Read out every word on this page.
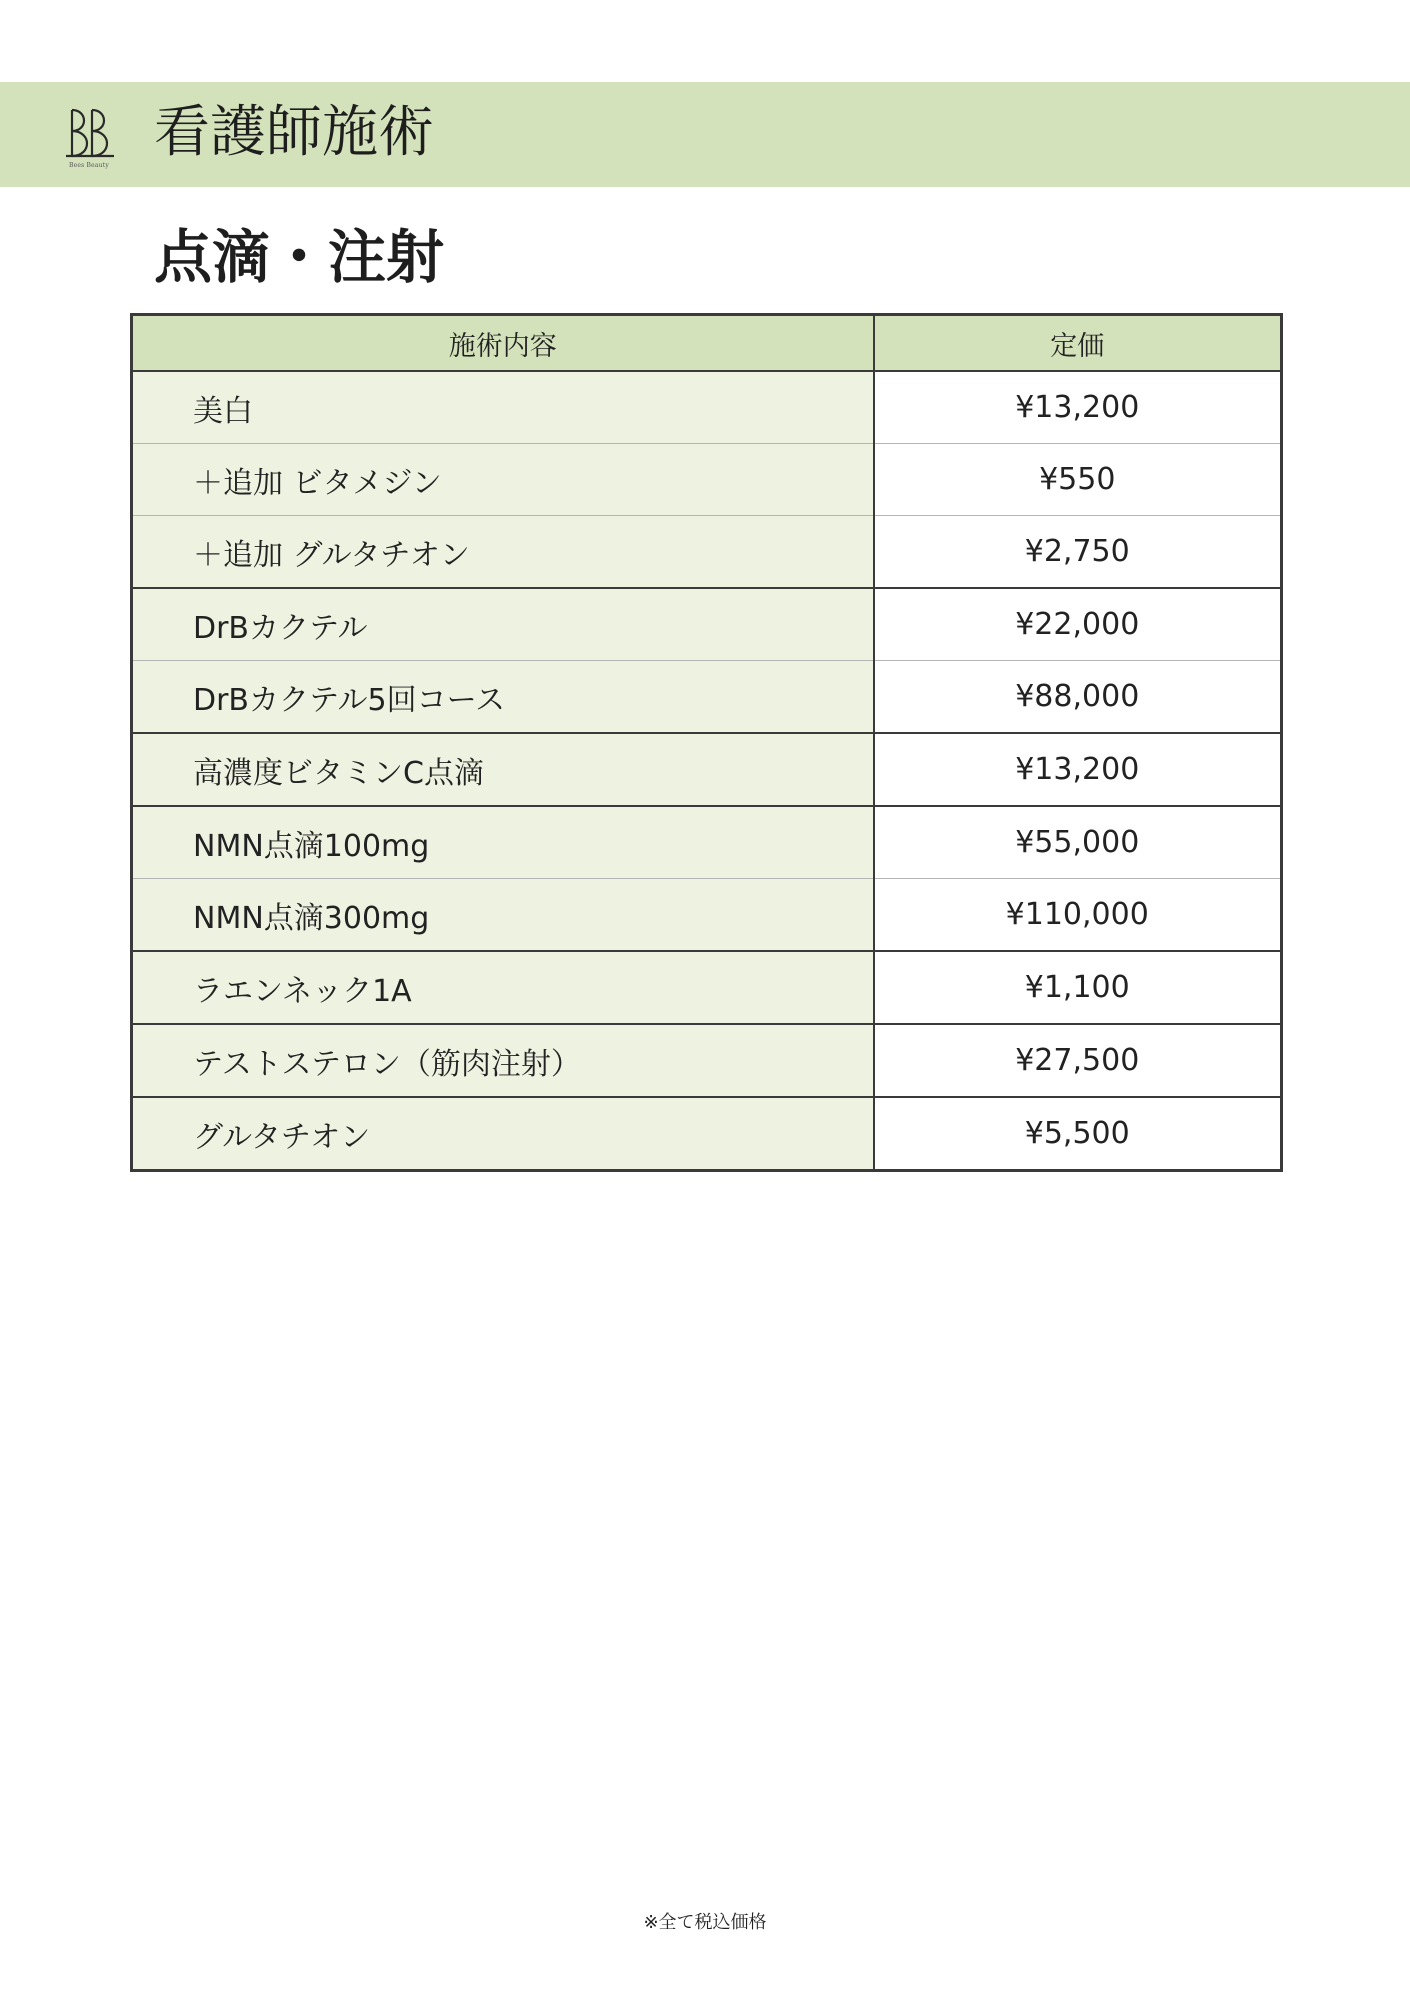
Bees Beauty
看護師施術
点滴・注射
施術内容	定価
美白	¥13,200
＋追加 ビタメジン	¥550
＋追加 グルタチオン	¥2,750
DrBカクテル	¥22,000
DrBカクテル5回コース	¥88,000
高濃度ビタミンC点滴	¥13,200
NMN点滴100mg	¥55,000
NMN点滴300mg	¥110,000
ラエンネック1A	¥1,100
テストステロン（筋肉注射）	¥27,500
グルタチオン	¥5,500
※全て税込価格
